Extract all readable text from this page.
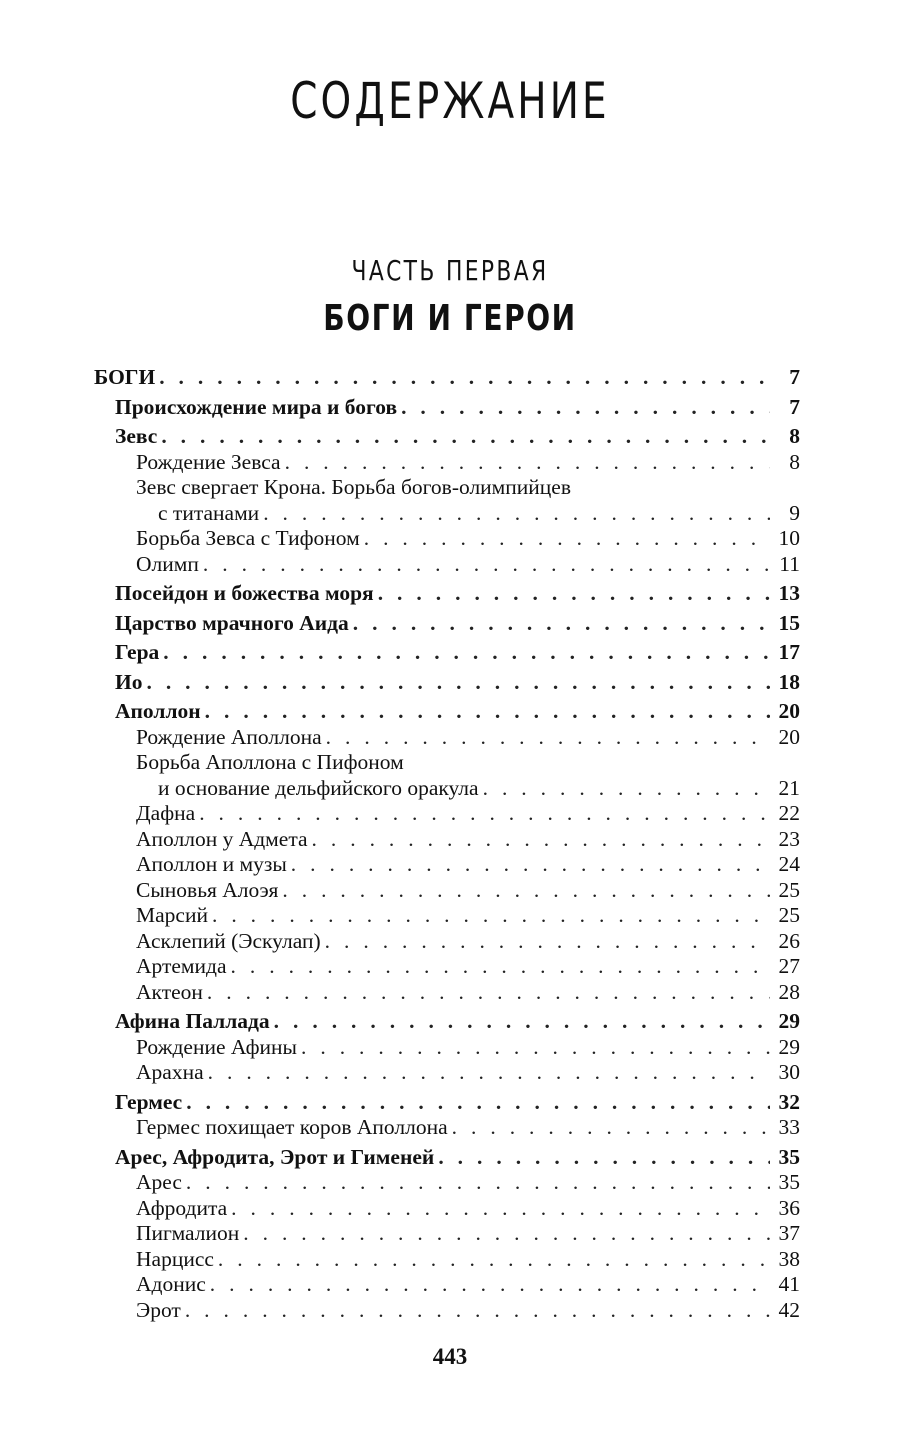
СОДЕРЖАНИЕ
ЧАСТЬ ПЕРВАЯ
БОГИ И ГЕРОИ
БОГИ . . .	7
Происхождение мира и богов . . .	7
Зевс . . .	8
Рождение Зевса . . .	8
Зевс свергает Крона. Борьба богов-олимпийцев
с титанами . . .	9
Борьба Зевса с Тифоном . . .	10
Олимп . . .	11
Посейдон и божества моря . . .	13
Царство мрачного Аида . . .	15
Гера . . .	17
Ио . . .	18
Аполлон . . .	20
Рождение Аполлона . . .	20
Борьба Аполлона с Пифоном
и основание дельфийского оракула . . .	21
Дафна . . .	22
Аполлон у Адмета . . .	23
Аполлон и музы . . .	24
Сыновья Алоэя . . .	25
Марсий . . .	25
Асклепий (Эскулап) . . .	26
Артемида . . .	27
Актеон . . .	28
Афина Паллада . . .	29
Рождение Афины . . .	29
Арахна . . .	30
Гермес . . .	32
Гермес похищает коров Аполлона . . .	33
Арес, Афродита, Эрот и Гименей . . .	35
Арес . . .	35
Афродита . . .	36
Пигмалион . . .	37
Нарцисс . . .	38
Адонис . . .	41
Эрот . . .	42
443
